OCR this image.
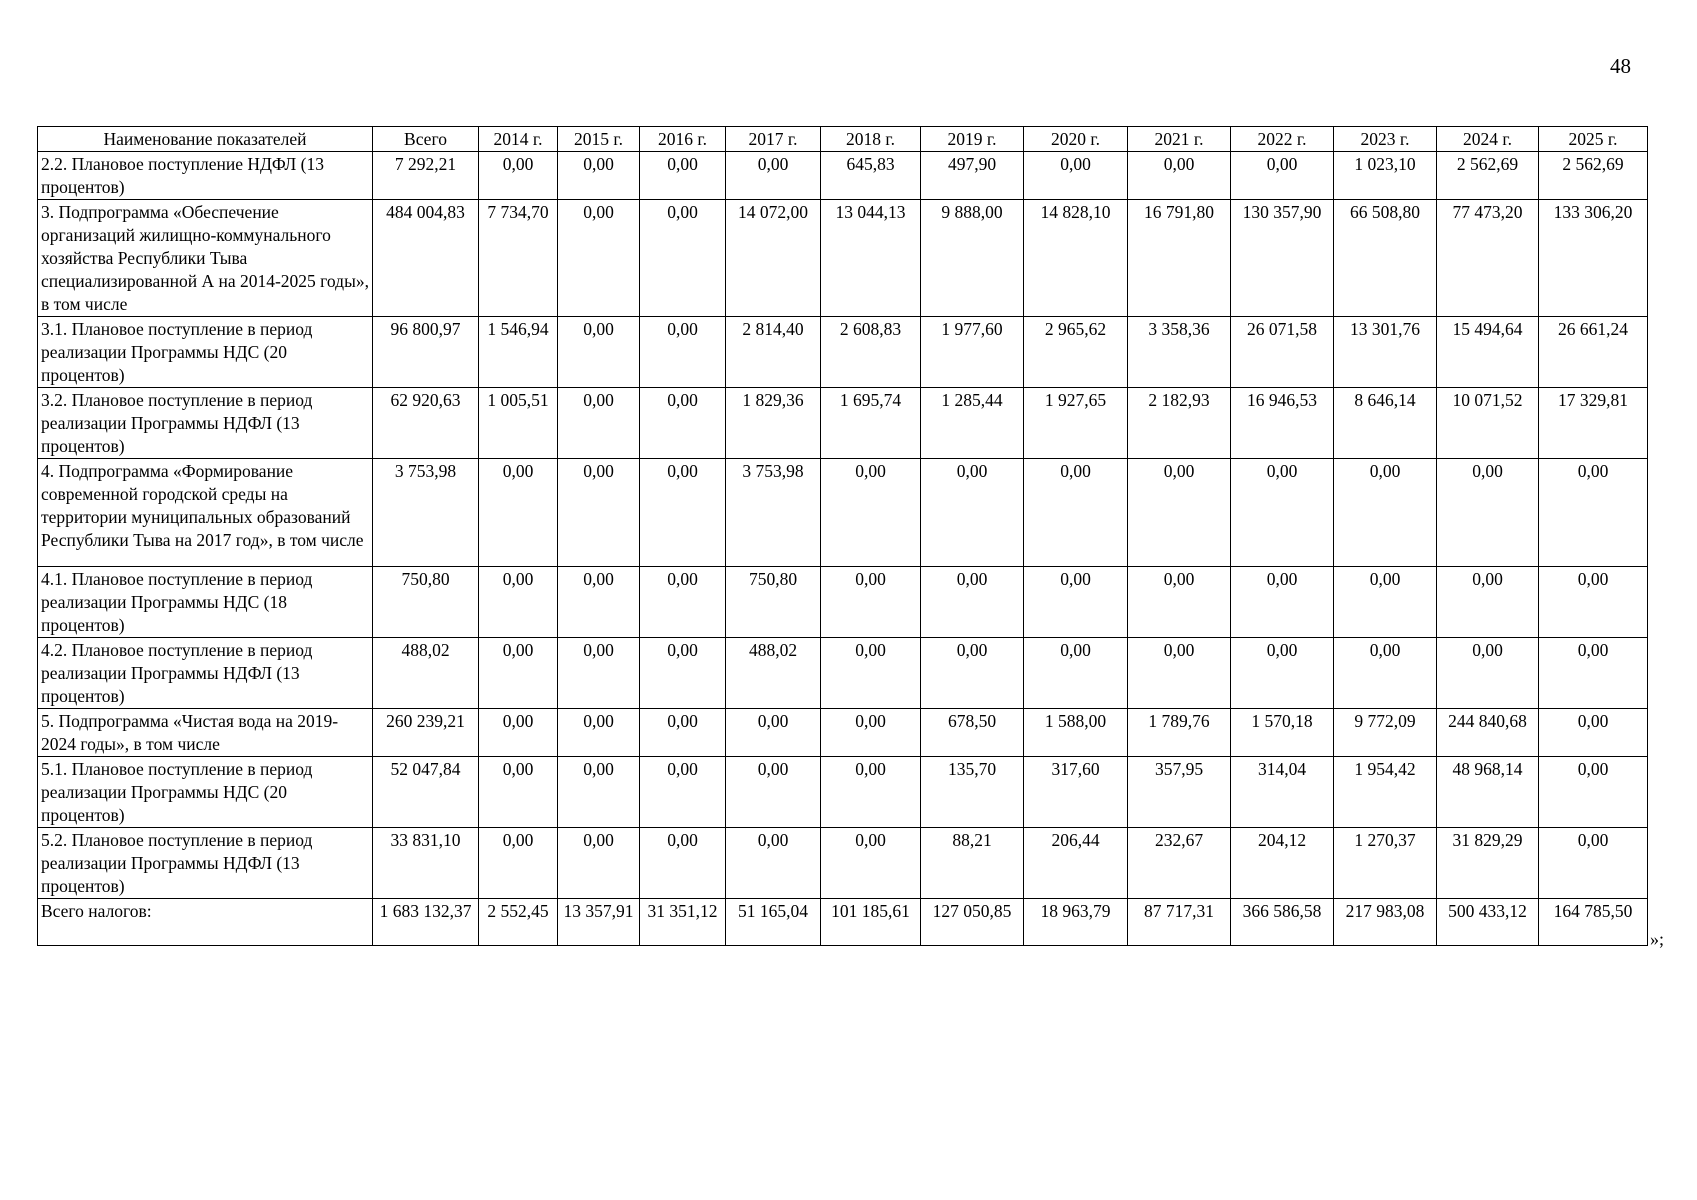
48
Наименование показателей	Всего	2014 г.	2015 г.	2016 г.	2017 г.	2018 г.	2019 г.	2020 г.	2021 г.	2022 г.	2023 г.	2024 г.	2025 г.
2.2. Плановое поступление НДФЛ (13 процентов)	7 292,21	0,00	0,00	0,00	0,00	645,83	497,90	0,00	0,00	0,00	1 023,10	2 562,69	2 562,69
3. Подпрограмма «Обеспечение организаций жилищно-коммунального хозяйства Республики Тыва специализированной А на 2014-2025 годы», в том числе	484 004,83	7 734,70	0,00	0,00	14 072,00	13 044,13	9 888,00	14 828,10	16 791,80	130 357,90	66 508,80	77 473,20	133 306,20
3.1. Плановое поступление в период реализации Программы НДС (20 процентов)	96 800,97	1 546,94	0,00	0,00	2 814,40	2 608,83	1 977,60	2 965,62	3 358,36	26 071,58	13 301,76	15 494,64	26 661,24
3.2. Плановое поступление в период реализации Программы НДФЛ (13 процентов)	62 920,63	1 005,51	0,00	0,00	1 829,36	1 695,74	1 285,44	1 927,65	2 182,93	16 946,53	8 646,14	10 071,52	17 329,81
4. Подпрограмма «Формирование современной городской среды на территории муниципальных образований Республики Тыва на 2017 год», в том числе	3 753,98	0,00	0,00	0,00	3 753,98	0,00	0,00	0,00	0,00	0,00	0,00	0,00	0,00
4.1. Плановое поступление в период реализации Программы НДС (18 процентов)	750,80	0,00	0,00	0,00	750,80	0,00	0,00	0,00	0,00	0,00	0,00	0,00	0,00
4.2. Плановое поступление в период реализации Программы НДФЛ (13 процентов)	488,02	0,00	0,00	0,00	488,02	0,00	0,00	0,00	0,00	0,00	0,00	0,00	0,00
5. Подпрограмма «Чистая вода на 2019-2024 годы», в том числе	260 239,21	0,00	0,00	0,00	0,00	0,00	678,50	1 588,00	1 789,76	1 570,18	9 772,09	244 840,68	0,00
5.1. Плановое поступление в период реализации Программы НДС (20 процентов)	52 047,84	0,00	0,00	0,00	0,00	0,00	135,70	317,60	357,95	314,04	1 954,42	48 968,14	0,00
5.2. Плановое поступление в период реализации Программы НДФЛ (13 процентов)	33 831,10	0,00	0,00	0,00	0,00	0,00	88,21	206,44	232,67	204,12	1 270,37	31 829,29	0,00
Всего налогов:	1 683 132,37	2 552,45	13 357,91	31 351,12	51 165,04	101 185,61	127 050,85	18 963,79	87 717,31	366 586,58	217 983,08	500 433,12	164 785,50
»;
